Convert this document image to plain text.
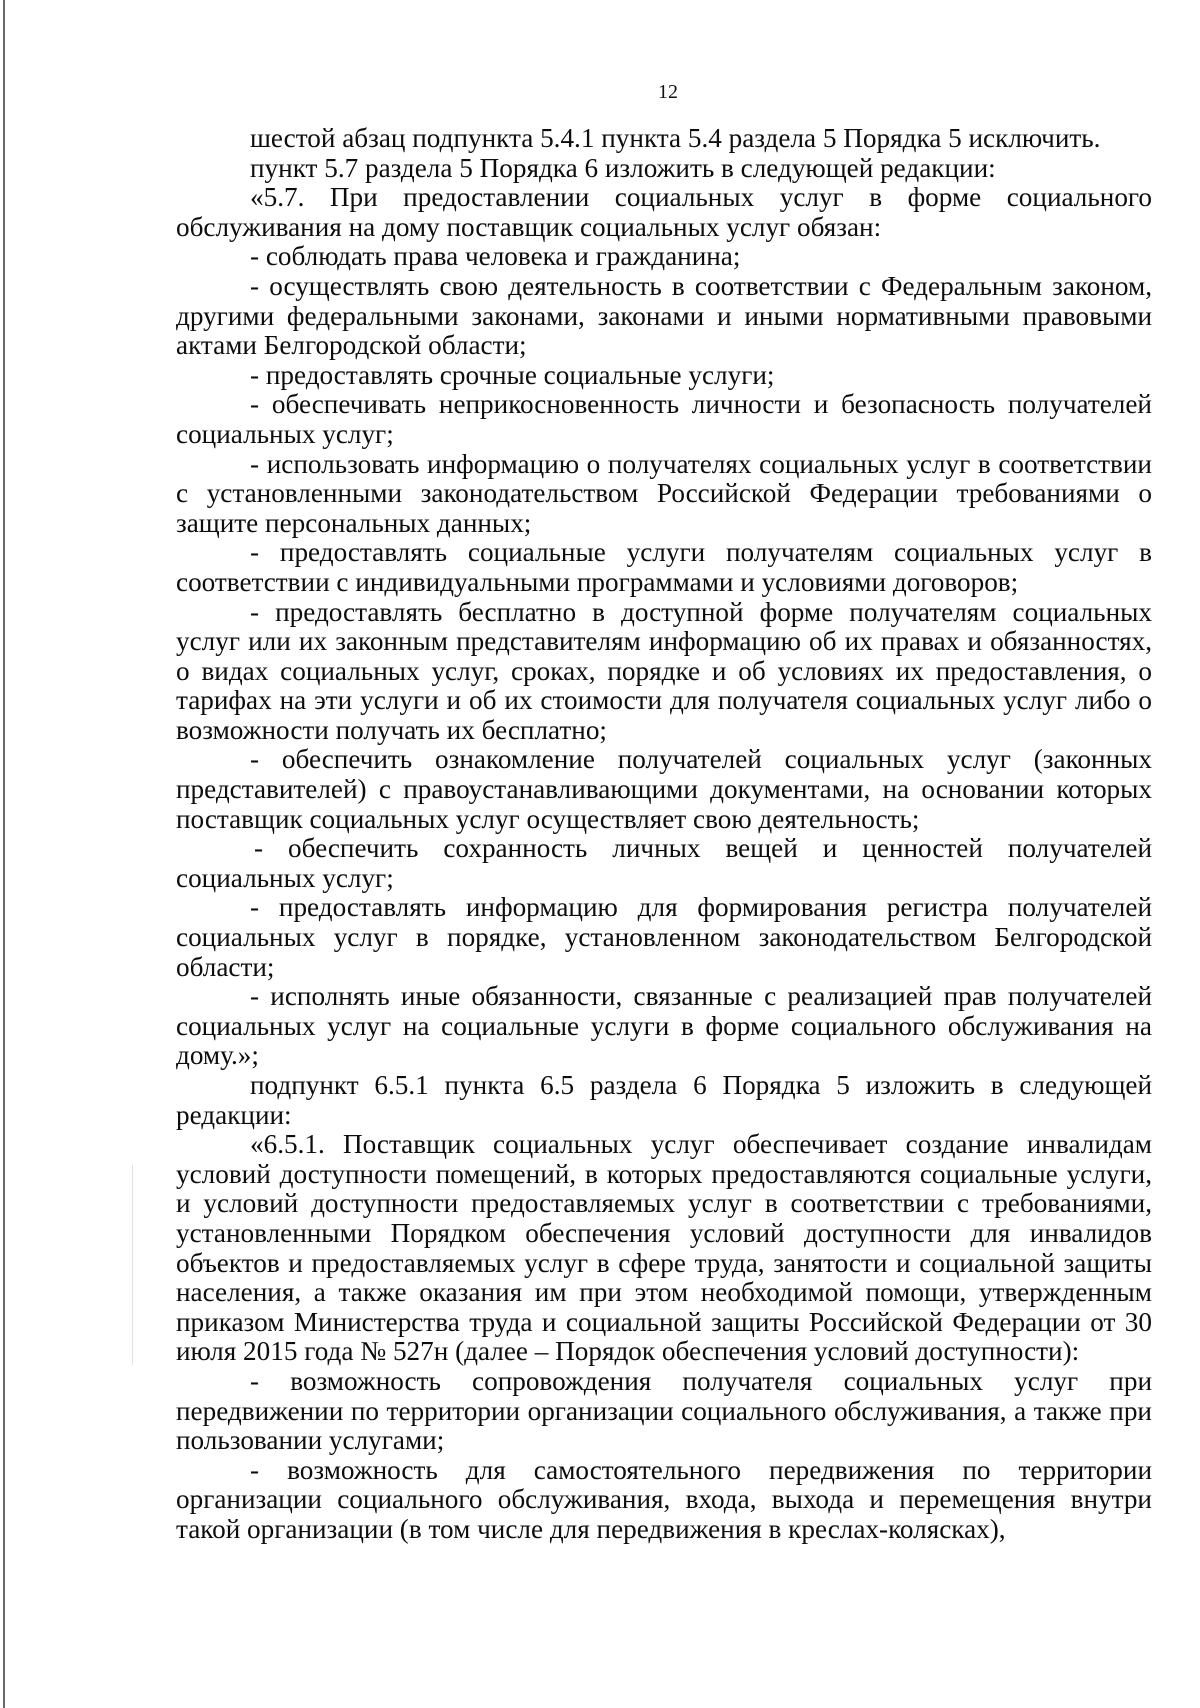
12

шестой абзац подпункта 5.4.1 пункта 5.4 раздела 5 Порядка 5 исключить.

пункт 5.7 раздела 5 Порядка 6 изложить в следующей редакции:

«5.7. При предоставлении социальных услуг в форме социального обслуживания на дому поставщик социальных услуг обязан:

- соблюдать права человека и гражданина;

- осуществлять свою деятельность в соответствии с Федеральным законом, другими федеральными законами, законами и иными нормативными правовыми актами Белгородской области;

- предоставлять срочные социальные услуги;

- обеспечивать неприкосновенность личности и безопасность получателей социальных услуг;

- использовать информацию о получателях социальных услуг в соответствии с установленными законодательством Российской Федерации требованиями о защите персональных данных;

- предоставлять социальные услуги получателям социальных услуг в соответствии с индивидуальными программами и условиями договоров;

- предоставлять бесплатно в доступной форме получателям социальных услуг или их законным представителям информацию об их правах и обязанностях, о видах социальных услуг, сроках, порядке и об условиях их предоставления, о тарифах на эти услуги и об их стоимости для получателя социальных услуг либо о возможности получать их бесплатно;

- обеспечить ознакомление получателей социальных услуг (законных представителей) с правоустанавливающими документами, на основании которых поставщик социальных услуг осуществляет свою деятельность;

- обеспечить сохранность личных вещей и ценностей получателей социальных услуг;

- предоставлять информацию для формирования регистра получателей социальных услуг в порядке, установленном законодательством Белгородской области;

- исполнять иные обязанности, связанные с реализацией прав получателей социальных услуг на социальные услуги в форме социального обслуживания на дому.»;

подпункт 6.5.1 пункта 6.5 раздела 6 Порядка 5 изложить в следующей редакции:

«6.5.1. Поставщик социальных услуг обеспечивает создание инвалидам условий доступности помещений, в которых предоставляются социальные услуги, и условий доступности предоставляемых услуг в соответствии с требованиями, установленными Порядком обеспечения условий доступности для инвалидов объектов и предоставляемых услуг в сфере труда, занятости и социальной защиты населения, а также оказания им при этом необходимой помощи, утвержденным приказом Министерства труда и социальной защиты Российской Федерации от 30 июля 2015 года № 527н (далее – Порядок обеспечения условий доступности):

- возможность сопровождения получателя социальных услуг при передвижении по территории организации социального обслуживания, а также при пользовании услугами;

- возможность для самостоятельного передвижения по территории организации социального обслуживания, входа, выхода и перемещения внутри такой организации (в том числе для передвижения в креслах-колясках),
